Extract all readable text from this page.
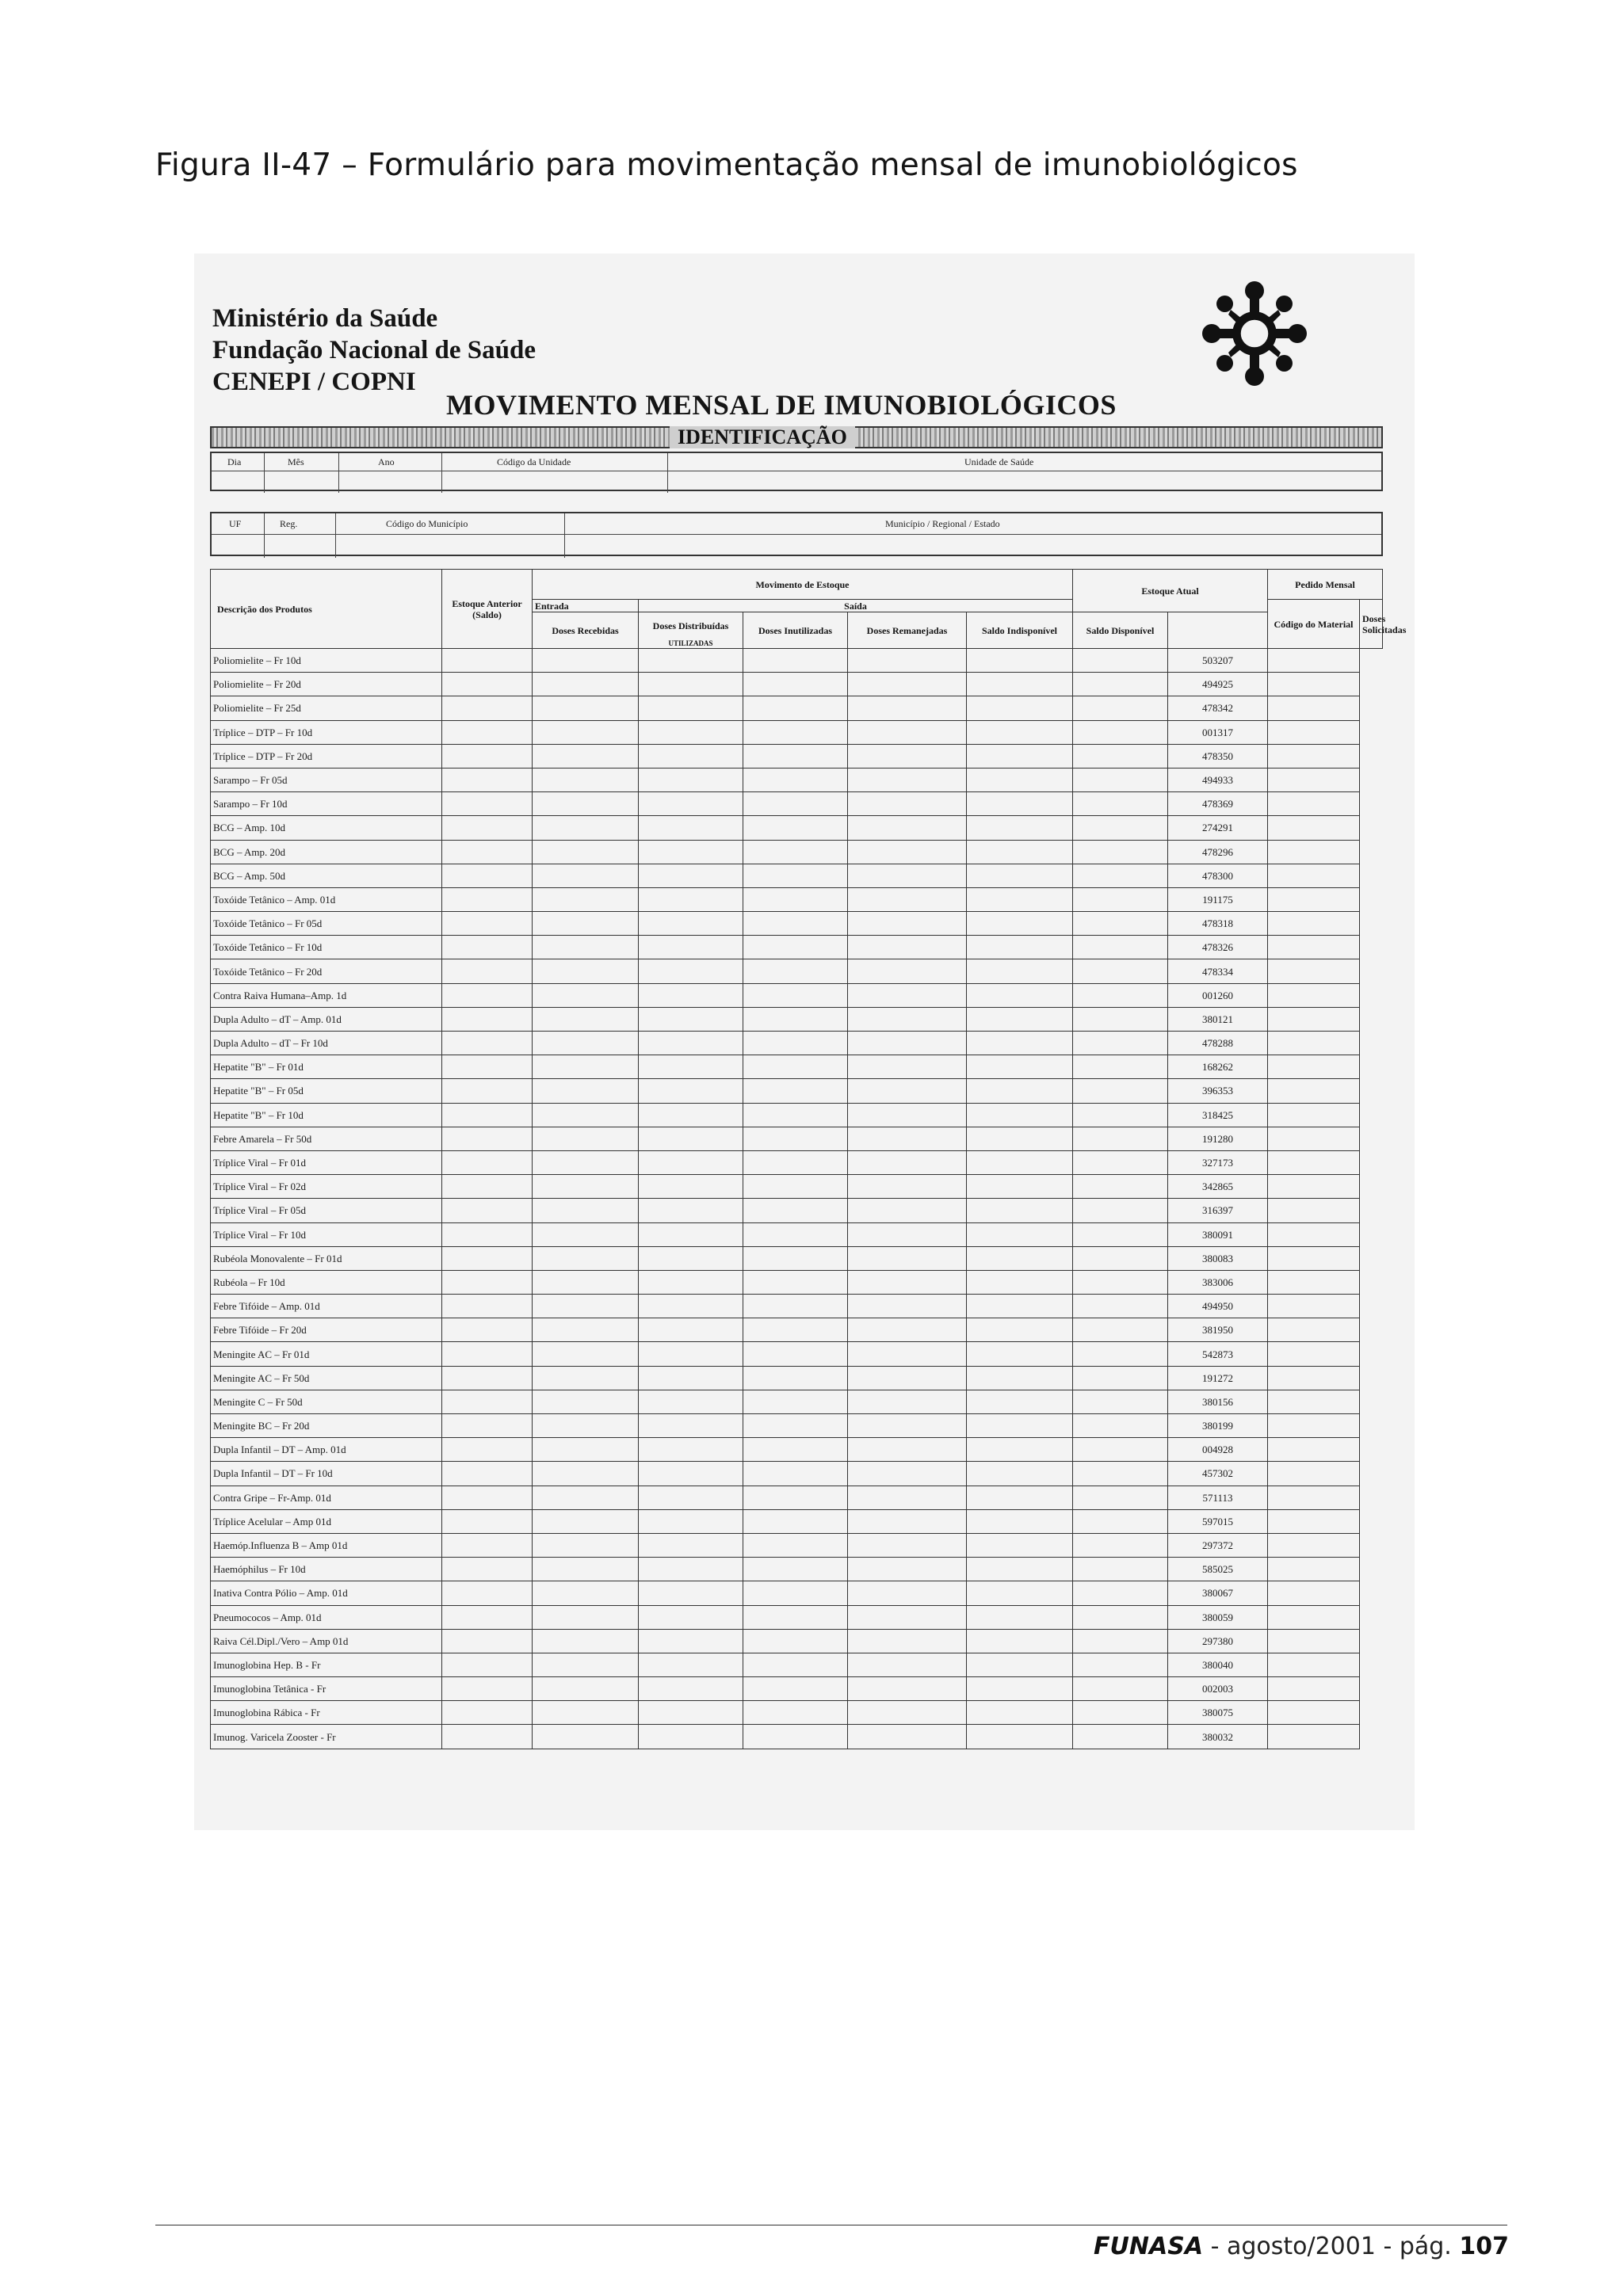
Figura II-47 – Formulário para movimentação mensal de imunobiológicos
Ministério da Saúde
Fundação Nacional de Saúde
CENEPI / COPNI
MOVIMENTO MENSAL DE IMUNOBIOLÓGICOS
IDENTIFICAÇÃO
Dia	Mês	Ano	Código da Unidade	Unidade de Saúde
UF	Reg.	Código do Município	Município / Regional / Estado
Descrição dos Produtos	Estoque Anterior (Saldo)	Movimento de Estoque					Estoque Atual		Pedido Mensal	
		Entrada	Saída						Código do Material	Doses Solicitadas
		Doses Recebidas	Doses Distribuídas	Doses Inutilizadas	Doses Remanejadas	Saldo Indisponível	Saldo Disponível			
			UTILIZADAS							
Poliomielite – Fr 10d								503207		
Poliomielite – Fr 20d								494925		
Poliomielite – Fr 25d								478342		
Tríplice – DTP – Fr 10d								001317		
Tríplice – DTP – Fr 20d								478350		
Sarampo – Fr 05d								494933		
Sarampo – Fr 10d								478369		
BCG – Amp. 10d								274291		
BCG – Amp. 20d								478296		
BCG – Amp. 50d								478300		
Toxóide Tetânico – Amp. 01d								191175		
Toxóide Tetânico – Fr 05d								478318		
Toxóide Tetânico – Fr 10d								478326		
Toxóide Tetânico – Fr 20d								478334		
Contra Raiva Humana–Amp. 1d								001260		
Dupla Adulto – dT – Amp. 01d								380121		
Dupla Adulto – dT – Fr 10d								478288		
Hepatite "B" – Fr 01d								168262		
Hepatite "B" – Fr 05d								396353		
Hepatite "B" – Fr 10d								318425		
Febre Amarela – Fr 50d								191280		
Tríplice Viral – Fr 01d								327173		
Tríplice Viral – Fr 02d								342865		
Tríplice Viral – Fr 05d								316397		
Tríplice Viral – Fr 10d								380091		
Rubéola Monovalente – Fr 01d								380083		
Rubéola – Fr 10d								383006		
Febre Tifóide – Amp. 01d								494950		
Febre Tifóide – Fr 20d								381950		
Meningite AC – Fr 01d								542873		
Meningite AC – Fr 50d								191272		
Meningite C – Fr 50d								380156		
Meningite BC – Fr 20d								380199		
Dupla Infantil – DT – Amp. 01d								004928		
Dupla Infantil – DT – Fr 10d								457302		
Contra Gripe – Fr-Amp. 01d								571113		
Tríplice Acelular – Amp 01d								597015		
Haemóp.Influenza B – Amp 01d								297372		
Haemóphilus – Fr 10d								585025		
Inativa Contra Pólio – Amp. 01d								380067		
Pneumococos – Amp. 01d								380059		
Raiva Cél.Dipl./Vero – Amp 01d								297380		
Imunoglobina Hep. B - Fr								380040		
Imunoglobina Tetânica - Fr								002003		
Imunoglobina Rábica - Fr								380075		
Imunog. Varicela Zooster - Fr								380032		
FUNASA - agosto/2001 - pág. 107
